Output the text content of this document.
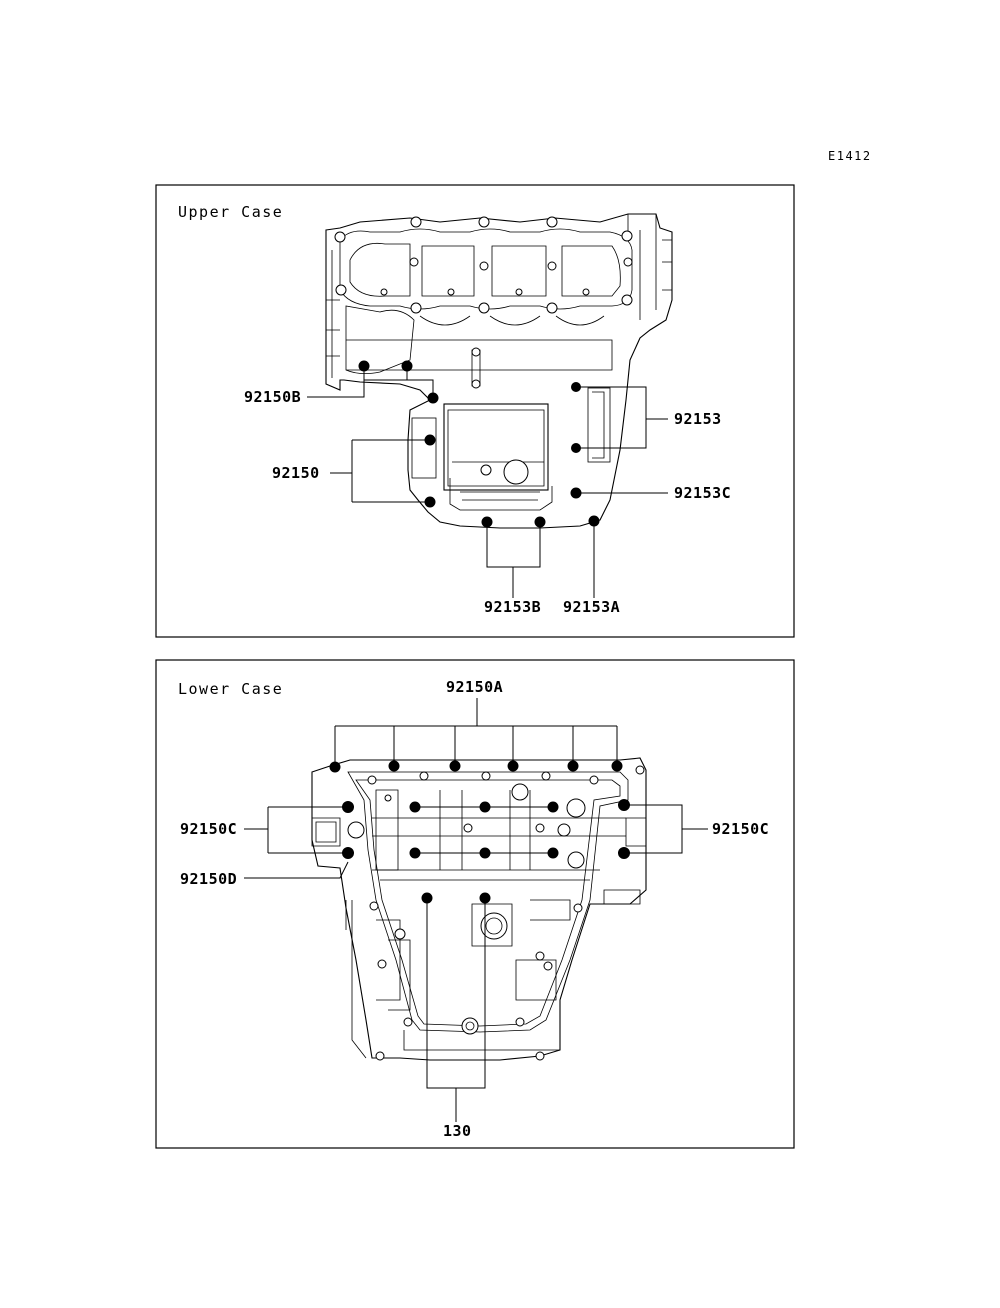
E1412
Upper Case
92150B
92150
92153
92153C
92153B 92153A
Lower Case	92150A
92150C	92150C
92150D
130
